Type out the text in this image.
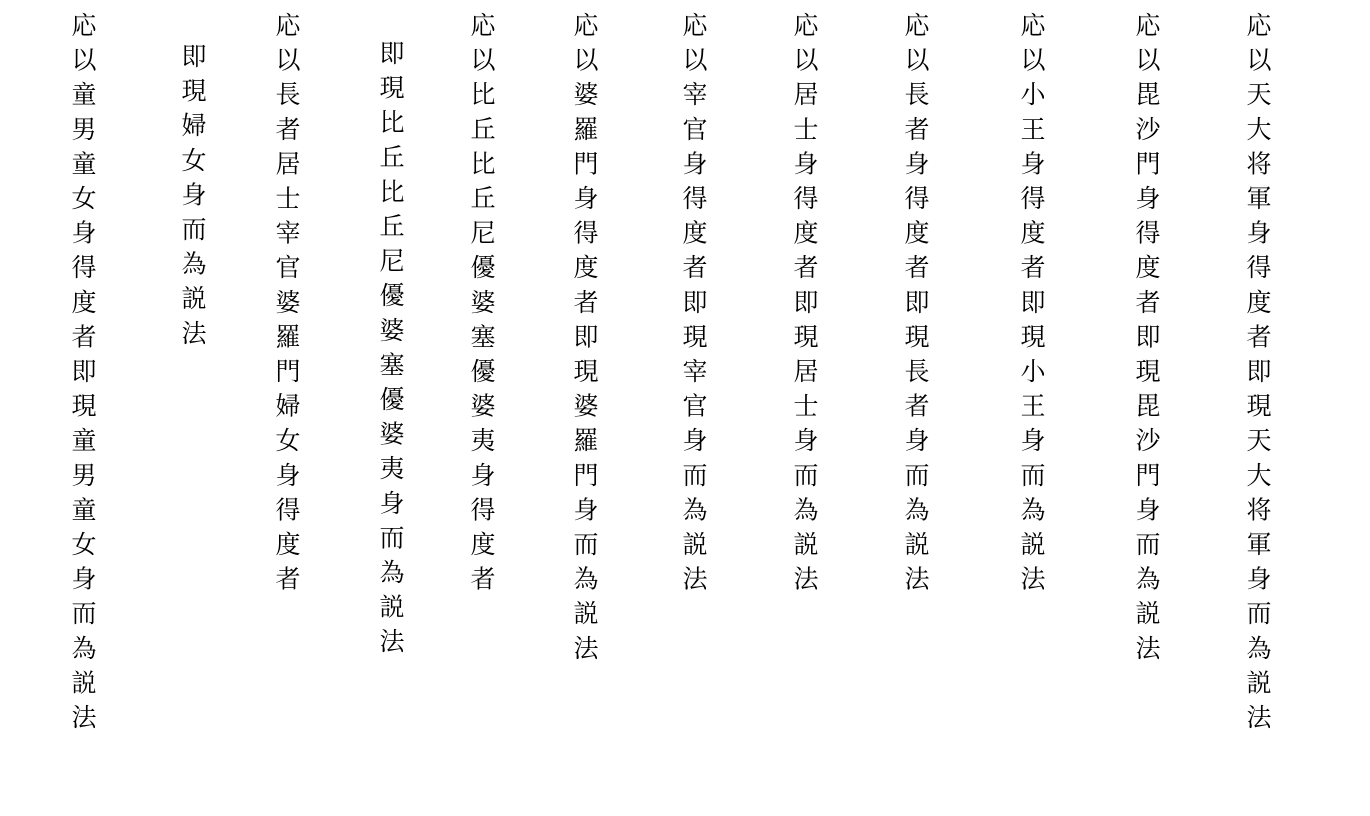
応以天大将軍身得度者即現天大将軍身而為説法
応以毘沙門身得度者即現毘沙門身而為説法
応以小王身得度者即現小王身而為説法
応以長者身得度者即現長者身而為説法
応以居士身得度者即現居士身而為説法
応以宰官身得度者即現宰官身而為説法
応以婆羅門身得度者即現婆羅門身而為説法
応以比丘比丘尼優婆塞優婆夷身得度者
即現比丘比丘尼優婆塞優婆夷身而為説法
応以長者居士宰官婆羅門婦女身得度者
即現婦女身而為説法
応以童男童女身得度者即現童男童女身而為説法
